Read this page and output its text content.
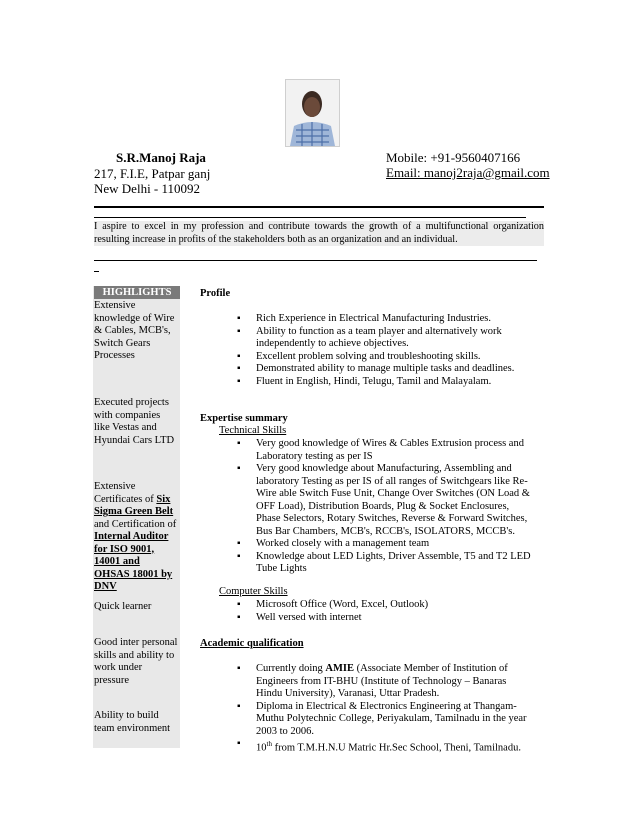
S.R.Manoj Raja
217, F.I.E, Patpar ganj
New Delhi - 110092
Mobile: +91-9560407166
Email: manoj2raja@gmail.com
I aspire to excel in my profession and contribute towards the growth of a multifunctional organization resulting increase in profits of the stakeholders both as an organization and an individual.
HIGHLIGHTS
Extensive knowledge of Wire & Cables, MCB's, Switch Gears Processes
Executed projects with companies like Vestas and Hyundai Cars LTD
Extensive Certificates of Six Sigma Green Belt and Certification of Internal Auditor for ISO 9001, 14001 and OHSAS 18001 by DNV
Quick learner
Good inter personal skills and ability to work under pressure
Ability to build team environment
Profile
▪ Rich Experience in Electrical Manufacturing Industries.
▪ Ability to function as a team player and alternatively work independently to achieve objectives.
▪ Excellent problem solving and troubleshooting skills.
▪ Demonstrated ability to manage multiple tasks and deadlines.
▪ Fluent in English, Hindi, Telugu, Tamil and Malayalam.
Expertise summary
Technical Skills
▪ Very good knowledge of Wires & Cables Extrusion process and Laboratory testing as per IS
▪ Very good knowledge about Manufacturing, Assembling and laboratory Testing as per IS of all ranges of Switchgears like Re-Wire able Switch Fuse Unit, Change Over Switches (ON Load & OFF Load), Distribution Boards, Plug & Socket Enclosures, Phase Selectors, Rotary Switches, Reverse & Forward Switches, Bus Bar Chambers, MCB's, RCCB's, ISOLATORS, MCCB's.
▪ Worked closely with a management team
▪ Knowledge about LED Lights, Driver Assemble, T5 and T2 LED Tube Lights
Computer Skills
▪ Microsoft Office (Word, Excel, Outlook)
▪ Well versed with internet
Academic qualification
▪ Currently doing AMIE (Associate Member of Institution of Engineers from IT-BHU (Institute of Technology – Banaras Hindu University), Varanasi, Uttar Pradesh.
▪ Diploma in Electrical & Electronics Engineering at Thangam-Muthu Polytechnic College, Periyakulam, Tamilnadu in the year 2003 to 2006.
▪ 10th from T.M.H.N.U Matric Hr.Sec School, Theni, Tamilnadu.
